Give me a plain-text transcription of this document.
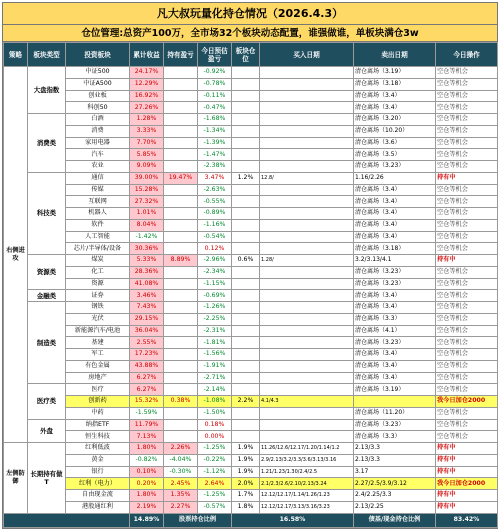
凡大叔玩量化持仓情况（2026.4.3）
仓位管理:总资产100万，全市场32个板块动态配置，谁强做谁，单板块满仓3w
策略	板块类型	投资板块	累计收益	持有盈亏	今日预估盈亏	板块仓位	买入日期	卖出日期	今日操作
右侧进攻	大盘指数	中证500	24.17%		-0.92%			清仓离场（3.19）	空仓等机会
		中证A500	12.29%		-0.78%			清仓离场（3.18）	空仓等机会
		创业板	16.92%		-0.11%			清仓离场（3.4）	空仓等机会
		科创50	27.26%		-0.47%			清仓离场（3.4）	空仓等机会
	消费类	白酒	1.28%		-1.68%			清仓离场（3.20）	空仓等机会
		消费	3.33%		-1.34%			清仓离场（10.20）	空仓等机会
		家用电器	7.70%		-1.39%			清仓离场（3.6）	空仓等机会
		汽车	5.85%		-1.47%			清仓离场（3.5）	空仓等机会
		农业	9.09%		-2.38%			清仓离场（3.23）	空仓等机会
	科技类	通信	39.00%	19.47%	3.47%	1.2%	12.8/	1.16/2.26	持有中
		传媒	15.28%		-2.63%			清仓离场（3.4）	空仓等机会
		互联网	27.32%		-0.55%			清仓离场（3.4）	空仓等机会
		机器人	1.01%		-0.89%			清仓离场（3.4）	空仓等机会
		软件	8.04%		-1.16%			清仓离场（3.4）	空仓等机会
		人工智能	-1.42%		-0.54%			清仓离场（3.4）	空仓等机会
		芯片/半导体/设备	30.36%		0.12%			清仓离场（3.18）	空仓等机会
	资源类	煤炭	5.33%	8.89%	-2.96%	0.6%	1.28/	3.2/3.13/4.1	持有中
		化工	28.36%		-2.34%			清仓离场（3.23）	空仓等机会
		资源	41.08%		-1.15%			清仓离场（3.23）	空仓等机会
	金融类	证券	3.46%		-0.69%			清仓离场（3.4）	空仓等机会
	制造类	钢铁	7.43%		-1.26%			清仓离场（3.4）	空仓等机会
		光伏	29.15%		-2.25%			清仓离场（3.3）	空仓等机会
		新能源汽车/电池	36.04%		-2.31%			清仓离场（4.1）	空仓等机会
		基建	2.55%		-1.81%			清仓离场（3.23）	空仓等机会
		军工	17.23%		-1.56%			清仓离场（3.4）	空仓等机会
		有色金属	43.88%		-1.91%			清仓离场（3.4）	空仓等机会
		房地产	6.27%		-2.71%			清仓离场（3.4）	空仓等机会
	医疗类	医疗	6.27%		-2.14%			清仓离场（3.19）	空仓等机会
		创新药	15.32%	0.38%	-1.08%	2.2%	4.1/4.3		我今日加仓2000
		中药	-1.59%		-1.50%			清仓离场（11.20）	空仓等机会
	外盘	纳指ETF	11.79%		0.18%			清仓离场（3.23）	空仓等机会
		恒生科技	7.13%		0.00%			清仓离场（3.3）	空仓等机会
左侧防御	长期持有做T	红利低波	1.80%	2.26%	-1.25%	1.9%	11.26/12.6/12.17/1.20/1.14/1.2	2.13/3.3	持有中
		黄金	-0.82%	-4.04%	-0.22%	1.9%	2.9/2.13/3.2/3.3/3.6/3.13/3.16	2.13/3.3	持有中
		银行	0.10%	-0.30%	-1.12%	1.9%	1.21/1.23/1.30/2.4/2.5	3.17	持有中
		红利（电力）	0.20%	2.45%	2.64%	2.0%	2.1/2.3/2.6/2.10/2.13/3.24	2.27/2.5/3.9/3.12	我今日加仓2000
		自由现金流	1.80%	1.35%	-1.25%	1.7%	12.12/12.17/1.14/1.26/1.23	2.4/2.25/3.3	持有中
		港股通红利	2.19%	2.27%	-0.57%	1.8%	12.12/12.17/3.13/3.16/3.23	2.13/2.25	持有中
			14.89%	股票持仓比例		16.58%		债基/现金持仓比例	83.42%
